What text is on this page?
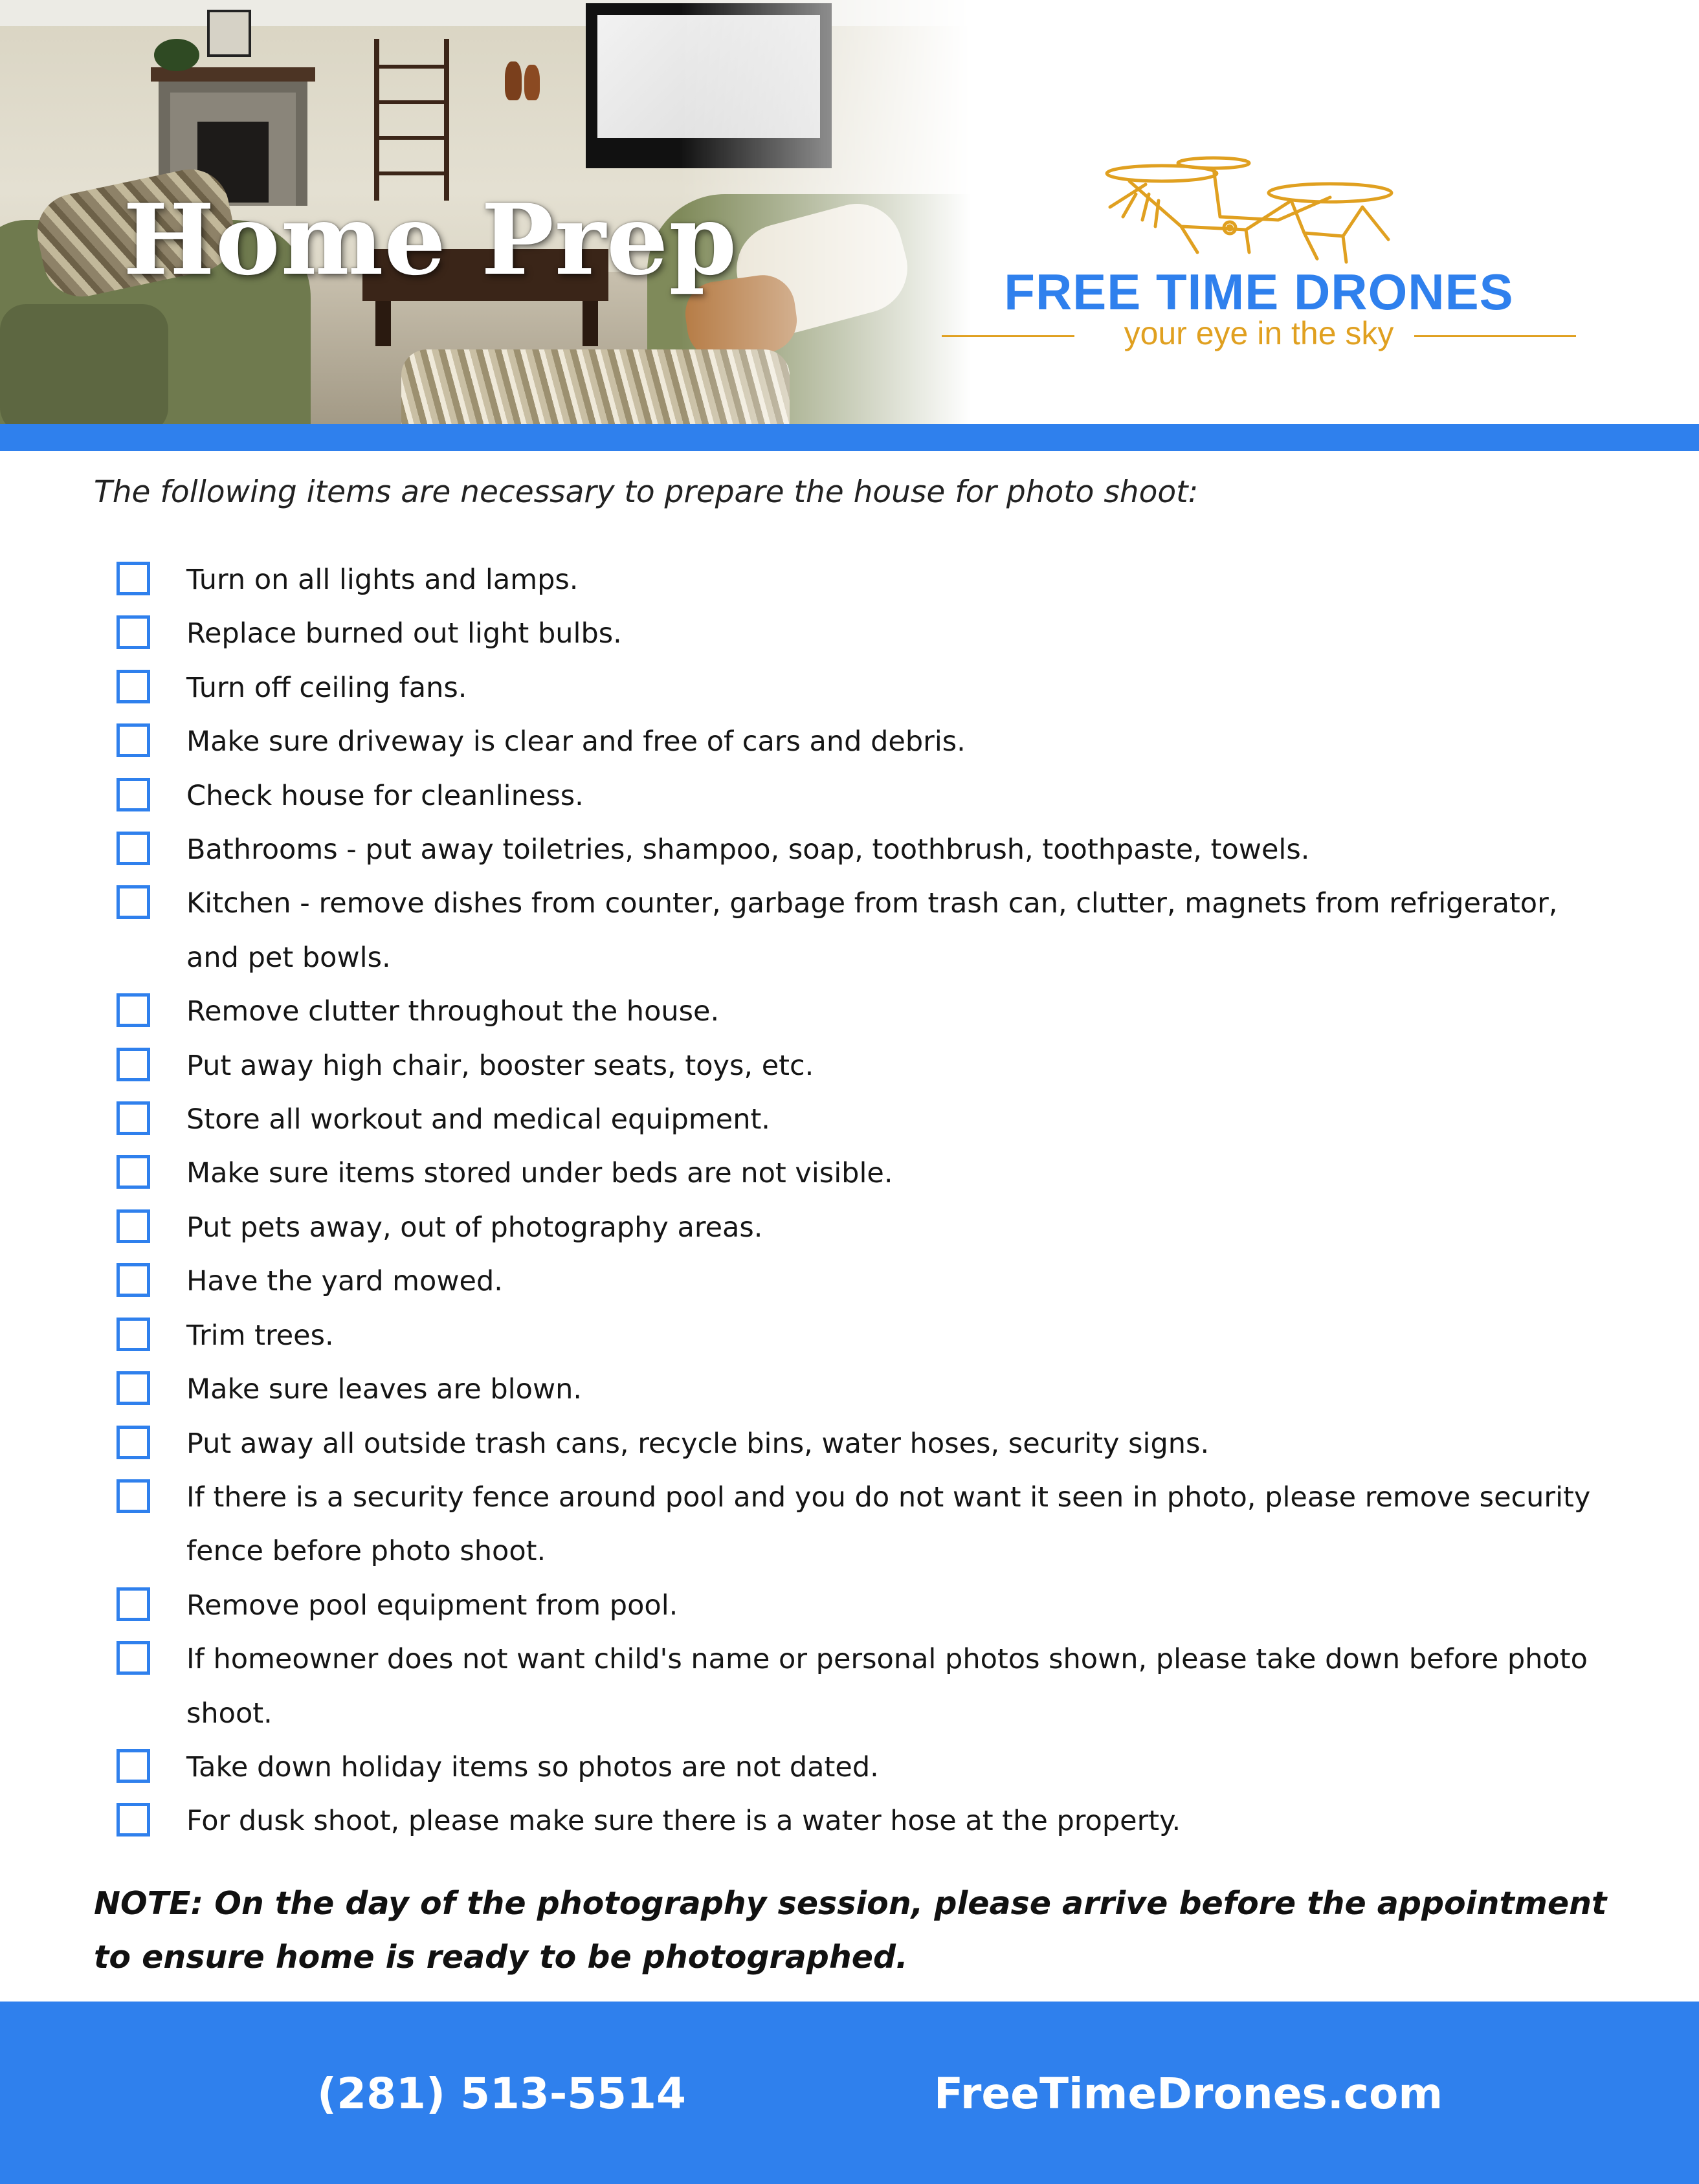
Home Prep	FREE TIME DRONES
your eye in the sky

The following items are necessary to prepare the house for photo shoot:

Turn on all lights and lamps.
Replace burned out light bulbs.
Turn off ceiling fans.
Make sure driveway is clear and free of cars and debris.
Check house for cleanliness.
Bathrooms - put away toiletries, shampoo, soap, toothbrush, toothpaste, towels.
Kitchen - remove dishes from counter, garbage from trash can, clutter, magnets from refrigerator, and pet bowls.
Remove clutter throughout the house.
Put away high chair, booster seats, toys, etc.
Store all workout and medical equipment.
Make sure items stored under beds are not visible.
Put pets away, out of photography areas.
Have the yard mowed.
Trim trees.
Make sure leaves are blown.
Put away all outside trash cans, recycle bins, water hoses, security signs.
If there is a security fence around pool and you do not want it seen in photo, please remove security fence before photo shoot.
Remove pool equipment from pool.
If homeowner does not want child's name or personal photos shown, please take down before photo shoot.
Take down holiday items so photos are not dated.
For dusk shoot, please make sure there is a water hose at the property.

NOTE: On the day of the photography session, please arrive before the appointment to ensure home is ready to be photographed.

(281) 513-5514	FreeTimeDrones.com
